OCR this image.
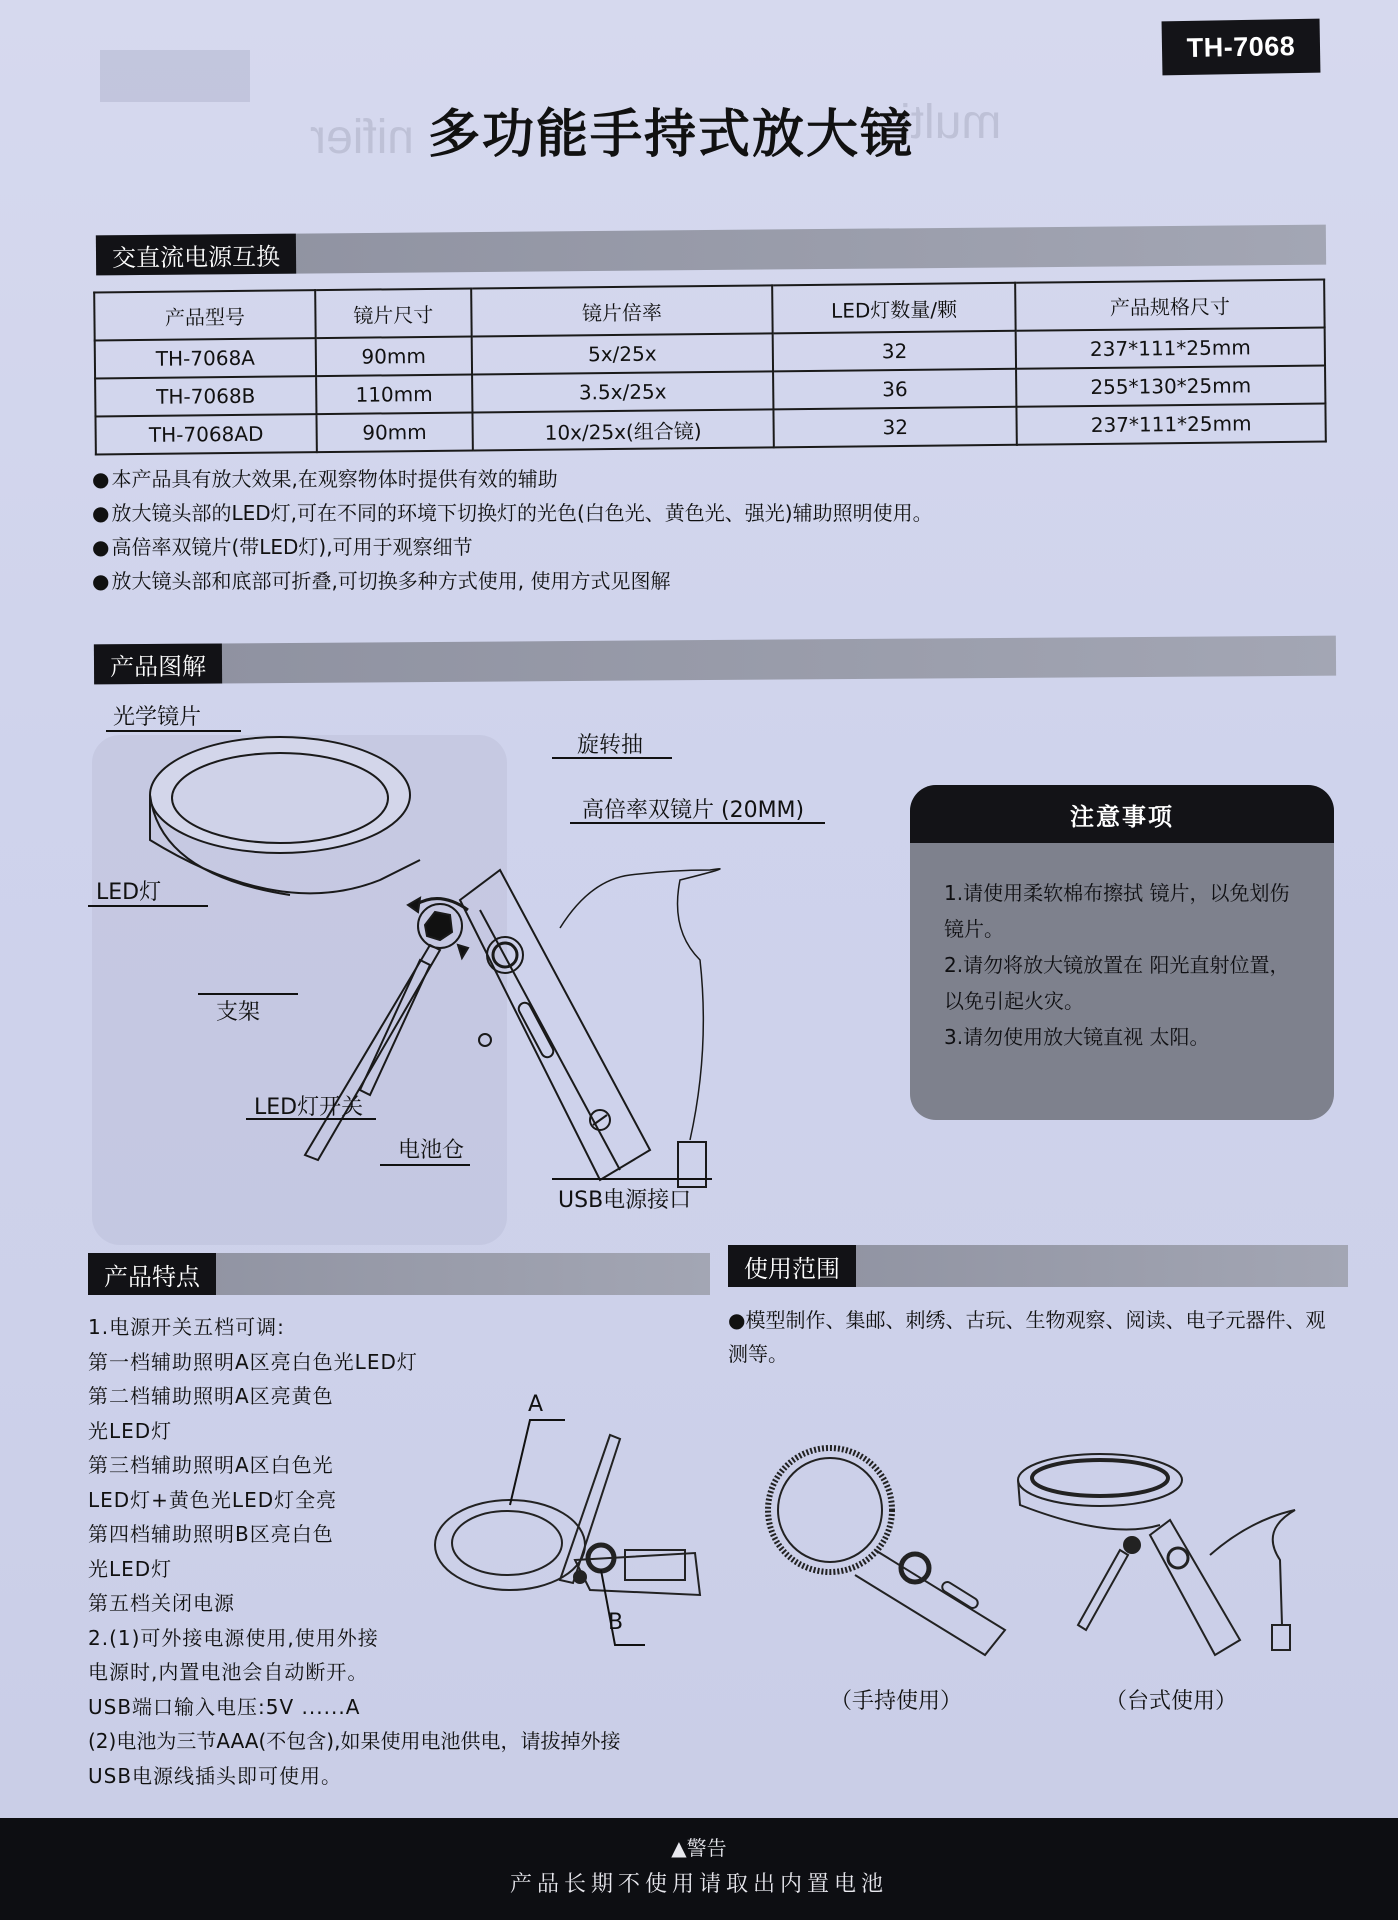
nifier	multi
TH-7068
多功能手持式放大镜
交直流电源互换
产品型号	镜片尺寸	镜片倍率	LED灯数量/颗	产品规格尺寸
TH-7068A	90mm	5x/25x	32	237*111*25mm
TH-7068B	110mm	3.5x/25x	36	255*130*25mm
TH-7068AD	90mm	10x/25x(组合镜)	32	237*111*25mm
● 本产品具有放大效果,在观察物体时提供有效的辅助
● 放大镜头部的LED灯,可在不同的环境下切换灯的光色(白色光、黄色光、强光)辅助照明使用。
● 高倍率双镜片(带LED灯),可用于观察细节
● 放大镜头部和底部可折叠,可切换多种方式使用, 使用方式见图解
产品图解
光学镜片
旋转抽
高倍率双镜片 (20MM)
LED灯
支架
LED灯开关
电池仓
USB电源接口
注意事项
1.请使用柔软棉布擦拭 镜片，以免划伤镜片。
2.请勿将放大镜放置在 阳光直射位置，以免引起火灾。
3.请勿使用放大镜直视 太阳。
产品特点
1.电源开关五档可调:
第一档辅助照明A区亮白色光LED灯
第二档辅助照明A区亮黄色
光LED灯
第三档辅助照明A区白色光
LED灯+黄色光LED灯全亮
第四档辅助照明B区亮白色
光LED灯
第五档关闭电源
2.(1)可外接电源使用,使用外接
电源时,内置电池会自动断开。
USB端口输入电压:5V ......A
(2)电池为三节AAA(不包含),如果使用电池供电，请拔掉外接
USB电源线插头即可使用。
A
B
使用范围
●模型制作、集邮、刺绣、古玩、生物观察、阅读、电子元器件、观
测等。
（手持使用）	（台式使用）
▲警告
产品长期不使用请取出内置电池
